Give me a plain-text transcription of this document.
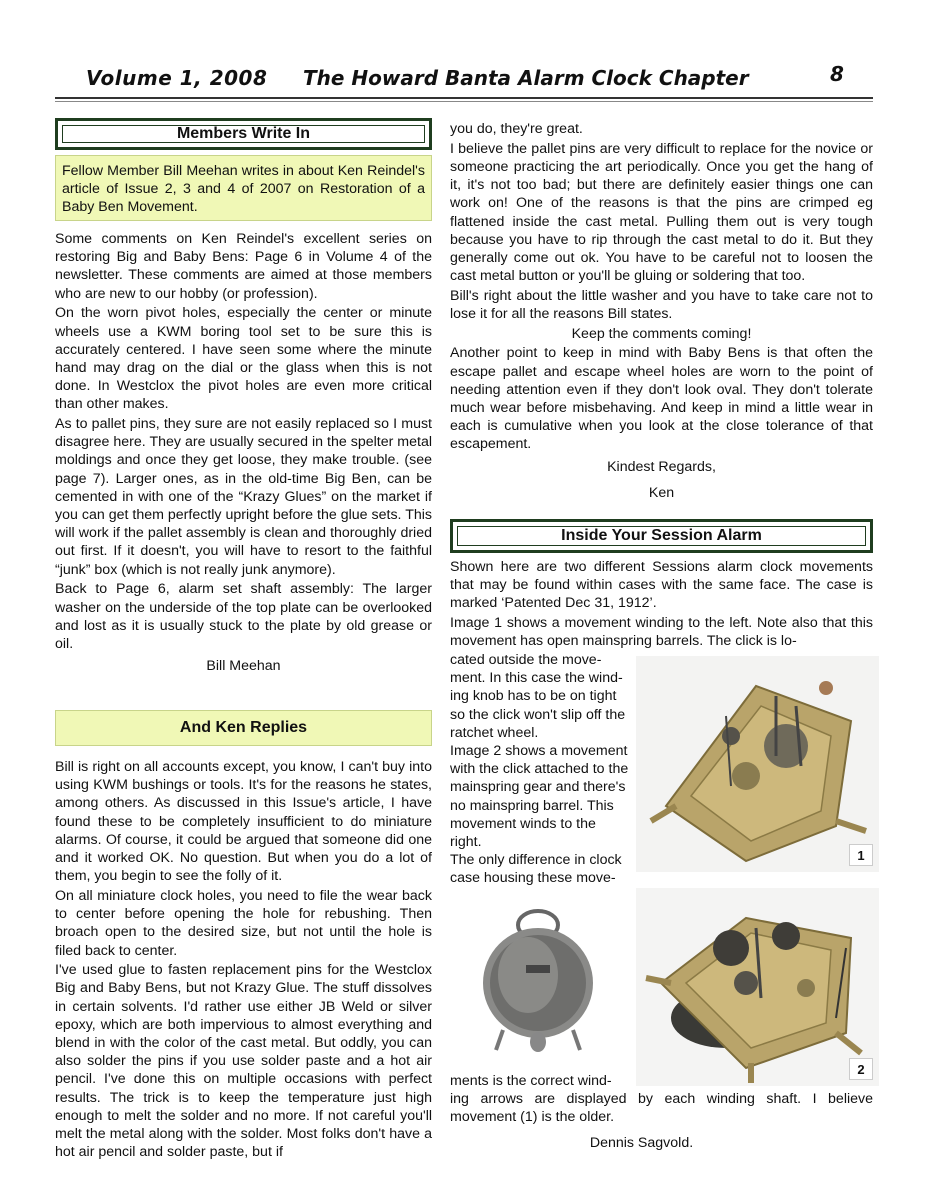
Volume 1, 2008 The Howard Banta Alarm Clock Chapter	8
Members Write In
Fellow Member Bill Meehan writes in about Ken Reindel's article of Issue 2, 3 and 4 of 2007 on Restoration of a Baby Ben Movement.

Some comments on Ken Reindel's excellent series on restoring Big and Baby Bens: Page 6 in Volume 4 of the newsletter. These comments are aimed at those members who are new to our hobby (or profession).

On the worn pivot holes, especially the center or minute wheels use a KWM boring tool set to be sure this is accurately centered. I have seen some where the minute hand may drag on the dial or the glass when this is not done. In Westclox the pivot holes are even more critical than other makes.

As to pallet pins, they sure are not easily replaced so I must disagree here. They are usually secured in the spelter metal moldings and once they get loose, they make trouble. (see page 7). Larger ones, as in the old-time Big Ben, can be cemented in with one of the “Krazy Glues” on the market if you can get them perfectly upright before the glue sets. This will work if the pallet assembly is clean and thoroughly dried out first. If it doesn't, you will have to resort to the faithful “junk” box (which is not really junk anymore).

Back to Page 6, alarm set shaft assembly: The larger washer on the underside of the top plate can be overlooked and lost as it is usually stuck to the plate by old grease or oil.

Bill Meehan

And Ken Replies

Bill is right on all accounts except, you know, I can't buy into using KWM bushings or tools. It's for the reasons he states, among others. As discussed in this Issue's article, I have found these to be completely insufficient to do miniature alarms. Of course, it could be argued that someone did one and it worked OK. No question. But when you do a lot of them, you begin to see the folly of it.

On all miniature clock holes, you need to file the wear back to center before opening the hole for rebushing. Then broach open to the desired size, but not until the hole is filed back to center.

I've used glue to fasten replacement pins for the Westclox Big and Baby Bens, but not Krazy Glue. The stuff dissolves in certain solvents. I'd rather use either JB Weld or silver epoxy, which are both impervious to almost everything and blend in with the color of the cast metal. But oddly, you can also solder the pins if you use solder paste and a hot air pencil. I've done this on multiple occasions with perfect results. The trick is to keep the temperature just high enough to melt the solder and no more. If not careful you'll melt the metal along with the solder. Most folks don't have a hot air pencil and solder paste, but if

you do, they're great.

I believe the pallet pins are very difficult to replace for the novice or someone practicing the art periodically. Once you get the hang of it, it's not too bad; but there are definitely easier things one can work on! One of the reasons is that the pins are crimped eg flattened inside the cast metal. Pulling them out is very tough because you have to rip through the cast metal to do it. But they generally come out ok. You have to be careful not to loosen the cast metal button or you'll be gluing or soldering that too.

Bill's right about the little washer and you have to take care not to lose it for all the reasons Bill states.

Keep the comments coming!

Another point to keep in mind with Baby Bens is that often the escape pallet and escape wheel holes are worn to the point of needing attention even if they don't look oval. They don't tolerate much wear before misbehaving. And keep in mind a little wear in each is cumulative when you look at the close tolerance of that escapement.

Kindest Regards,

Ken

Inside Your Session Alarm

Shown here are two different Sessions alarm clock movements that may be found within cases with the same face. The case is marked ‘Patented Dec 31, 1912’.

Image 1 shows a movement winding to the left. Note also that this movement has open mainspring barrels. The click is lo-

cated outside the move-
ment. In this case the wind-
ing knob has to be on tight
so the click won't slip off the
ratchet wheel.
Image 2 shows a movement
with the click attached to the
mainspring gear and there's
no mainspring barrel. This
movement winds to the
right.
The only difference in clock
case housing these move-
1
2
ments is the correct wind-

ing arrows are displayed by each winding shaft. I believe movement (1) is the older.

Dennis Sagvold.
